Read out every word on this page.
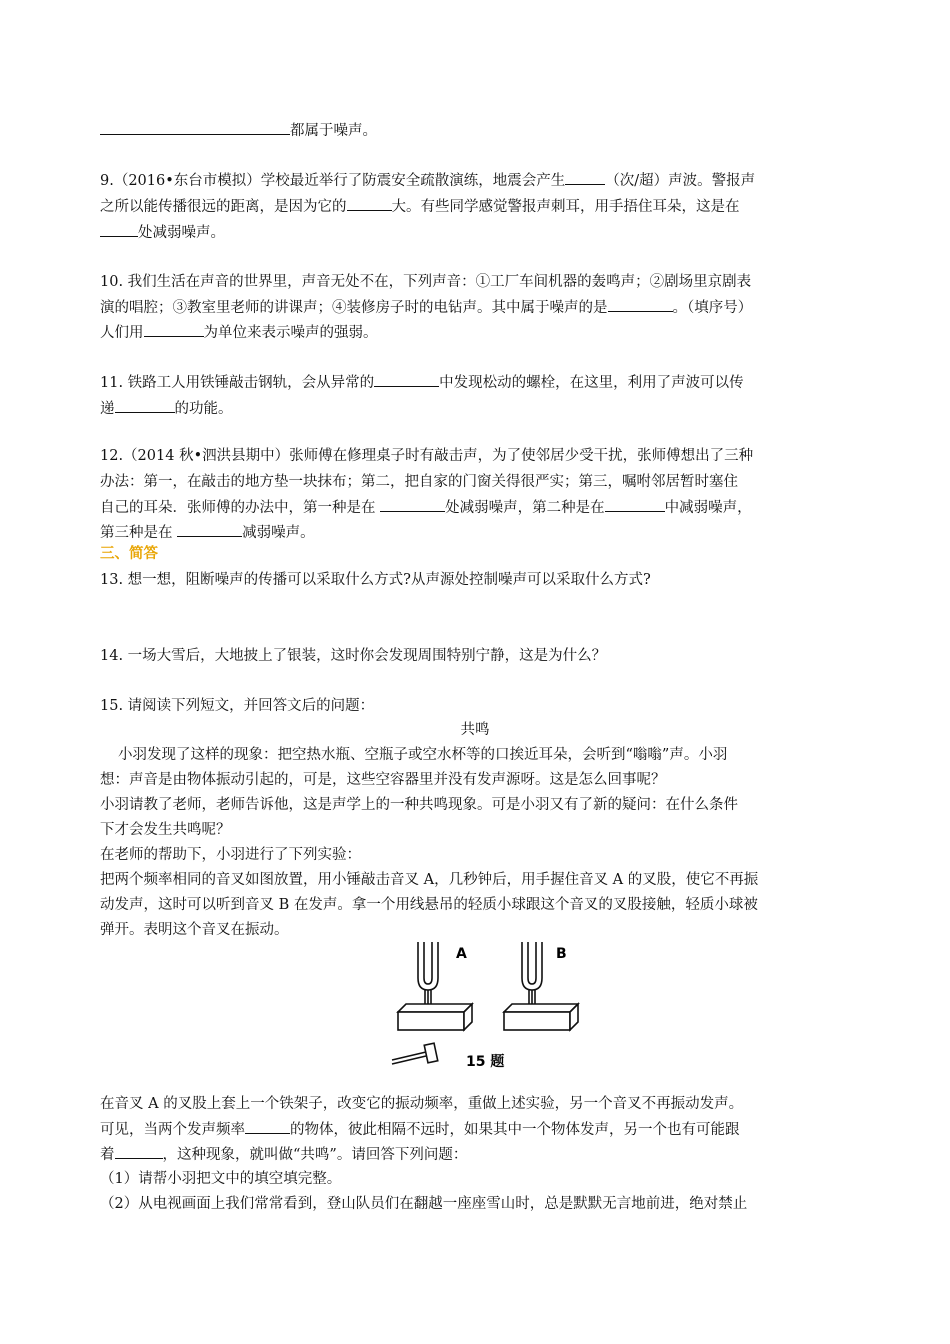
都属于噪声。
9.（2016•东台市模拟）学校最近举行了防震安全疏散演练，地震会产生	（次/超）声波。警报声
之所以能传播很远的距离，是因为它的	大。有些同学感觉警报声刺耳，用手捂住耳朵，这是在
处减弱噪声。
10. 我们生活在声音的世界里，声音无处不在，下列声音：①工厂车间机器的轰鸣声；②剧场里京剧表
演的唱腔；③教室里老师的讲课声；④装修房子时的电钻声。其中属于噪声的是	。（填序号）
人们用	为单位来表示噪声的强弱。
11. 铁路工人用铁锤敲击钢轨，会从异常的	中发现松动的螺栓，在这里，利用了声波可以传
递	的功能。
12.（2014 秋•泗洪县期中）张师傅在修理桌子时有敲击声，为了使邻居少受干扰，张师傅想出了三种
办法：第一，在敲击的地方垫一块抹布；第二，把自家的门窗关得很严实；第三，嘱咐邻居暂时塞住
自己的耳朵．张师傅的办法中，第一种是在	处减弱噪声，第二种是在	中减弱噪声，
第三种是在	减弱噪声。
三、简答
13. 想一想，阻断噪声的传播可以采取什么方式?从声源处控制噪声可以采取什么方式?
14. 一场大雪后，大地披上了银装，这时你会发现周围特别宁静，这是为什么？
15. 请阅读下列短文，并回答文后的问题：
共鸣
小羽发现了这样的现象：把空热水瓶、空瓶子或空水杯等的口挨近耳朵，会听到“嗡嗡”声。小羽
想：声音是由物体振动引起的，可是，这些空容器里并没有发声源呀。这是怎么回事呢？
小羽请教了老师，老师告诉他，这是声学上的一种共鸣现象。可是小羽又有了新的疑问：在什么条件
下才会发生共鸣呢？
在老师的帮助下，小羽进行了下列实验：
把两个频率相同的音叉如图放置，用小锤敲击音叉 A，几秒钟后，用手握住音叉 A 的叉股，使它不再振
动发声，这时可以听到音叉 B 在发声。拿一个用线悬吊的轻质小球跟这个音叉的叉股接触，轻质小球被
弹开。表明这个音叉在振动。
A	B
15 题
在音叉 A 的叉股上套上一个铁架子，改变它的振动频率，重做上述实验，另一个音叉不再振动发声。
可见，当两个发声频率	的物体，彼此相隔不远时，如果其中一个物体发声，另一个也有可能跟
着	，这种现象，就叫做“共鸣”。请回答下列问题：
（1）请帮小羽把文中的填空填完整。
（2）从电视画面上我们常常看到，登山队员们在翻越一座座雪山时，总是默默无言地前进，绝对禁止
